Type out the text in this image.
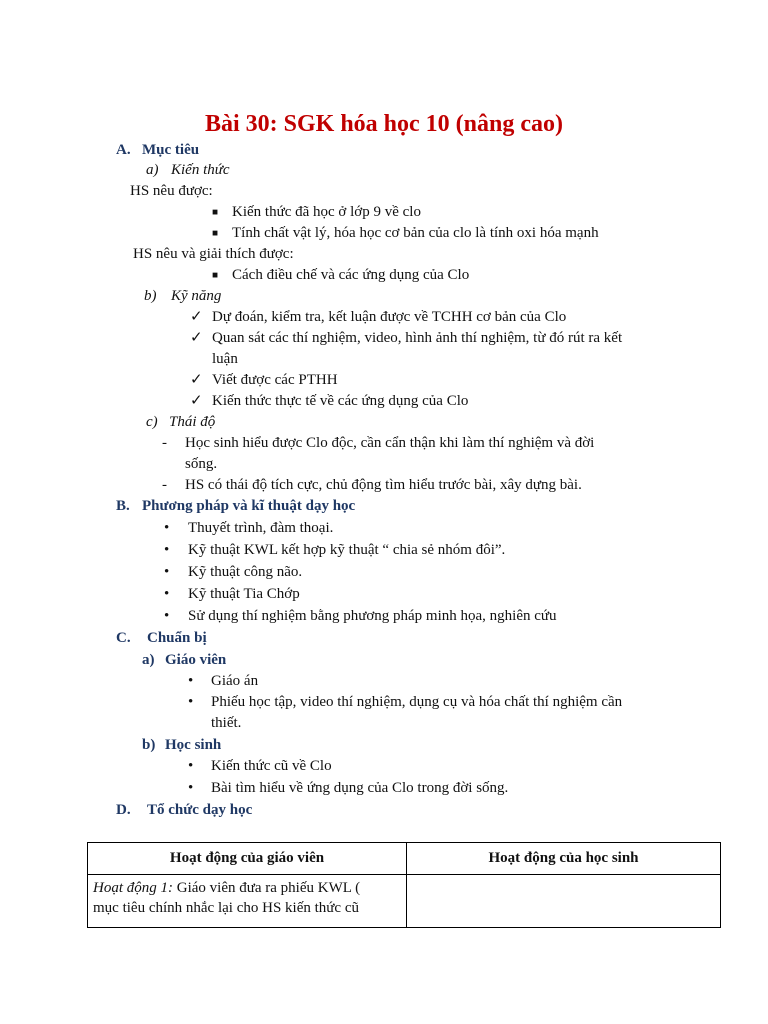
Bài 30: SGK hóa học 10 (nâng cao)
A. Mục tiêu
a) Kiến thức
HS nêu được:
■ Kiến thức đã học ở lớp 9 về clo
■ Tính chất vật lý, hóa học cơ bản của clo là tính oxi hóa mạnh
HS nêu và giải thích được:
■ Cách điều chế và các ứng dụng của Clo
b) Kỹ năng
✓ Dự đoán, kiểm tra, kết luận được về TCHH cơ bản của Clo
✓ Quan sát các thí nghiệm, video, hình ảnh thí nghiệm, từ đó rút ra kết
luận
✓ Viết được các PTHH
✓ Kiến thức thực tế về các ứng dụng của Clo
c) Thái độ
- Học sinh hiểu được Clo độc, cần cẩn thận khi làm thí nghiệm và đời
sống.
- HS có thái độ tích cực, chủ động tìm hiểu trước bài, xây dựng bài.
B. Phương pháp và kĩ thuật dạy học
• Thuyết trình, đàm thoại.
• Kỹ thuật KWL kết hợp kỹ thuật “ chia sẻ nhóm đôi”.
• Kỹ thuật công não.
• Kỹ thuật Tia Chớp
• Sử dụng thí nghiệm bằng phương pháp minh họa, nghiên cứu
C. Chuẩn bị
a) Giáo viên
• Giáo án
• Phiếu học tập, video thí nghiệm, dụng cụ và hóa chất thí nghiệm cần
thiết.
b) Học sinh
• Kiến thức cũ về Clo
• Bài tìm hiểu về ứng dụng của Clo trong đời sống.
D. Tổ chức dạy học
Hoạt động của giáo viên	Hoạt động của học sinh
Hoạt động 1: Giáo viên đưa ra phiếu KWL (
mục tiêu chính nhắc lại cho HS kiến thức cũ	
